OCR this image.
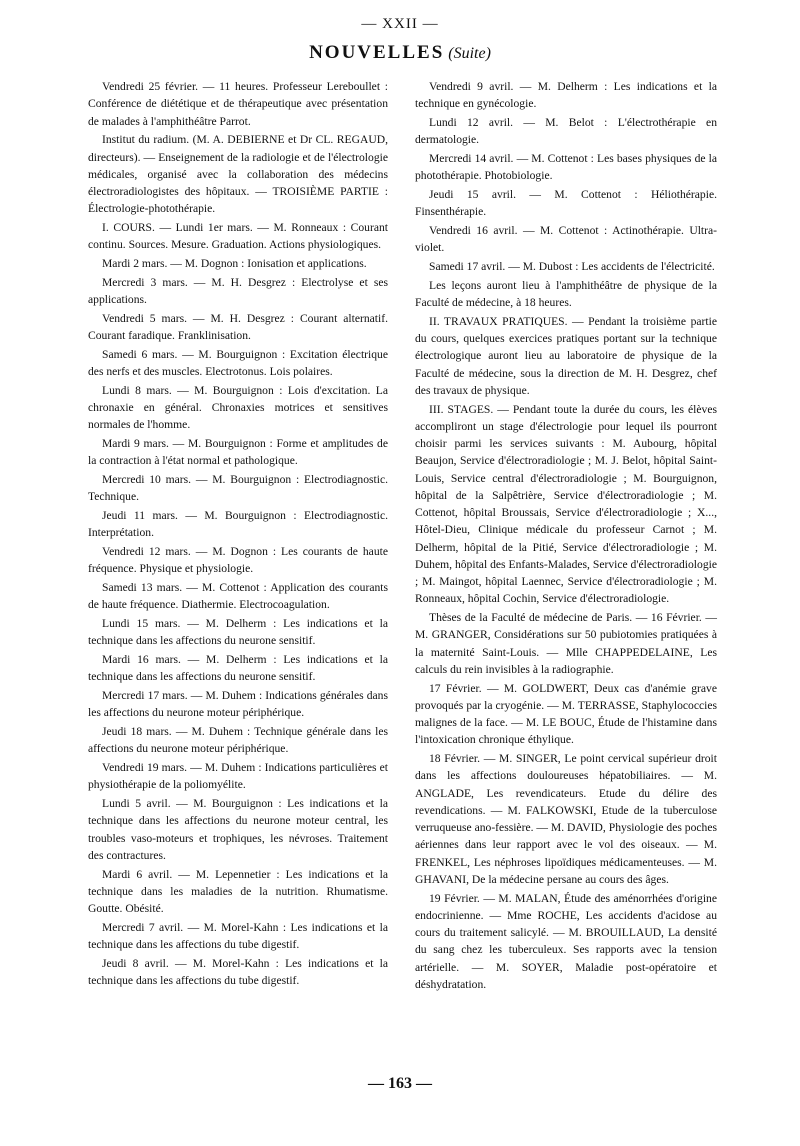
— XXII —
NOUVELLES (Suite)

Vendredi 25 février. — 11 heures. Professeur Lereboullet : Conférence de diététique et de thérapeutique avec présentation de malades à l'amphithéâtre Parrot.

Institut du radium. (M. A. DEBIERNE et Dr CL. REGAUD, directeurs). — Enseignement de la radiologie et de l'électrologie médicales, organisé avec la collaboration des médecins électroradiologistes des hôpitaux. — TROISIÈME PARTIE : Électrologie-photothérapie.

I. COURS. — Lundi 1er mars. — M. Ronneaux : Courant continu. Sources. Mesure. Graduation. Actions physiologiques.

Mardi 2 mars. — M. Dognon : Ionisation et applications.

Mercredi 3 mars. — M. H. Desgrez : Electrolyse et ses applications.

Vendredi 5 mars. — M. H. Desgrez : Courant alternatif. Courant faradique. Franklinisation.

Samedi 6 mars. — M. Bourguignon : Excitation électrique des nerfs et des muscles. Electrotonus. Lois polaires.

Lundi 8 mars. — M. Bourguignon : Lois d'excitation. La chronaxie en général. Chronaxies motrices et sensitives normales de l'homme.

Mardi 9 mars. — M. Bourguignon : Forme et amplitudes de la contraction à l'état normal et pathologique.

Mercredi 10 mars. — M. Bourguignon : Electrodiagnostic. Technique.

Jeudi 11 mars. — M. Bourguignon : Electrodiagnostic. Interprétation.

Vendredi 12 mars. — M. Dognon : Les courants de haute fréquence. Physique et physiologie.

Samedi 13 mars. — M. Cottenot : Application des courants de haute fréquence. Diathermie. Electrocoagulation.

Lundi 15 mars. — M. Delherm : Les indications et la technique dans les affections du neurone sensitif.

Mardi 16 mars. — M. Delherm : Les indications et la technique dans les affections du neurone sensitif.

Mercredi 17 mars. — M. Duhem : Indications générales dans les affections du neurone moteur périphérique.

Jeudi 18 mars. — M. Duhem : Technique générale dans les affections du neurone moteur périphérique.

Vendredi 19 mars. — M. Duhem : Indications particulières et physiothérapie de la poliomyélite.

Lundi 5 avril. — M. Bourguignon : Les indications et la technique dans les affections du neurone moteur central, les troubles vaso-moteurs et trophiques, les névroses. Traitement des contractures.

Mardi 6 avril. — M. Lepennetier : Les indications et la technique dans les maladies de la nutrition. Rhumatisme. Goutte. Obésité.

Mercredi 7 avril. — M. Morel-Kahn : Les indications et la technique dans les affections du tube digestif.

Jeudi 8 avril. — M. Morel-Kahn : Les indications et la technique dans les affections du tube digestif.

Vendredi 9 avril. — M. Delherm : Les indications et la technique en gynécologie.

Lundi 12 avril. — M. Belot : L'électrothérapie en dermatologie.

Mercredi 14 avril. — M. Cottenot : Les bases physiques de la photothérapie. Photobiologie.

Jeudi 15 avril. — M. Cottenot : Héliothérapie. Finsenthérapie.

Vendredi 16 avril. — M. Cottenot : Actinothérapie. Ultra-violet.

Samedi 17 avril. — M. Dubost : Les accidents de l'électricité.

Les leçons auront lieu à l'amphithéâtre de physique de la Faculté de médecine, à 18 heures.

II. TRAVAUX PRATIQUES. — Pendant la troisième partie du cours, quelques exercices pratiques portant sur la technique électrologique auront lieu au laboratoire de physique de la Faculté de médecine, sous la direction de M. H. Desgrez, chef des travaux de physique.

III. STAGES. — Pendant toute la durée du cours, les élèves accompliront un stage d'électrologie pour lequel ils pourront choisir parmi les services suivants : M. Aubourg, hôpital Beaujon, Service d'électroradiologie ; M. J. Belot, hôpital Saint-Louis, Service central d'électroradiologie ; M. Bourguignon, hôpital de la Salpêtrière, Service d'électroradiologie ; M. Cottenot, hôpital Broussais, Service d'électroradiologie ; X..., Hôtel-Dieu, Clinique médicale du professeur Carnot ; M. Delherm, hôpital de la Pitié, Service d'électroradiologie ; M. Duhem, hôpital des Enfants-Malades, Service d'électroradiologie ; M. Maingot, hôpital Laennec, Service d'électroradiologie ; M. Ronneaux, hôpital Cochin, Service d'électroradiologie.

Thèses de la Faculté de médecine de Paris. — 16 Février. — M. GRANGER, Considérations sur 50 pubiotomies pratiquées à la maternité Saint-Louis. — Mlle CHAPPEDELAINE, Les calculs du rein invisibles à la radiographie.

17 Février. — M. GOLDWERT, Deux cas d'anémie grave provoqués par la cryogénie. — M. TERRASSE, Staphylococcies malignes de la face. — M. LE BOUC, Étude de l'histamine dans l'intoxication chronique éthylique.

18 Février. — M. SINGER, Le point cervical supérieur droit dans les affections douloureuses hépatobiliaires. — M. ANGLADE, Les revendicateurs. Etude du délire des revendications. — M. FALKOWSKI, Etude de la tuberculose verruqueuse ano-fessière. — M. DAVID, Physiologie des poches aériennes dans leur rapport avec le vol des oiseaux. — M. FRENKEL, Les néphroses lipoïdiques médicamenteuses. — M. GHAVANI, De la médecine persane au cours des âges.

19 Février. — M. MALAN, Étude des aménorrhées d'origine endocrinienne. — Mme ROCHE, Les accidents d'acidose au cours du traitement salicylé. — M. BROUILLAUD, La densité du sang chez les tuberculeux. Ses rapports avec la tension artérielle. — M. SOYER, Maladie post-opératoire et déshydratation.

— 163 —
